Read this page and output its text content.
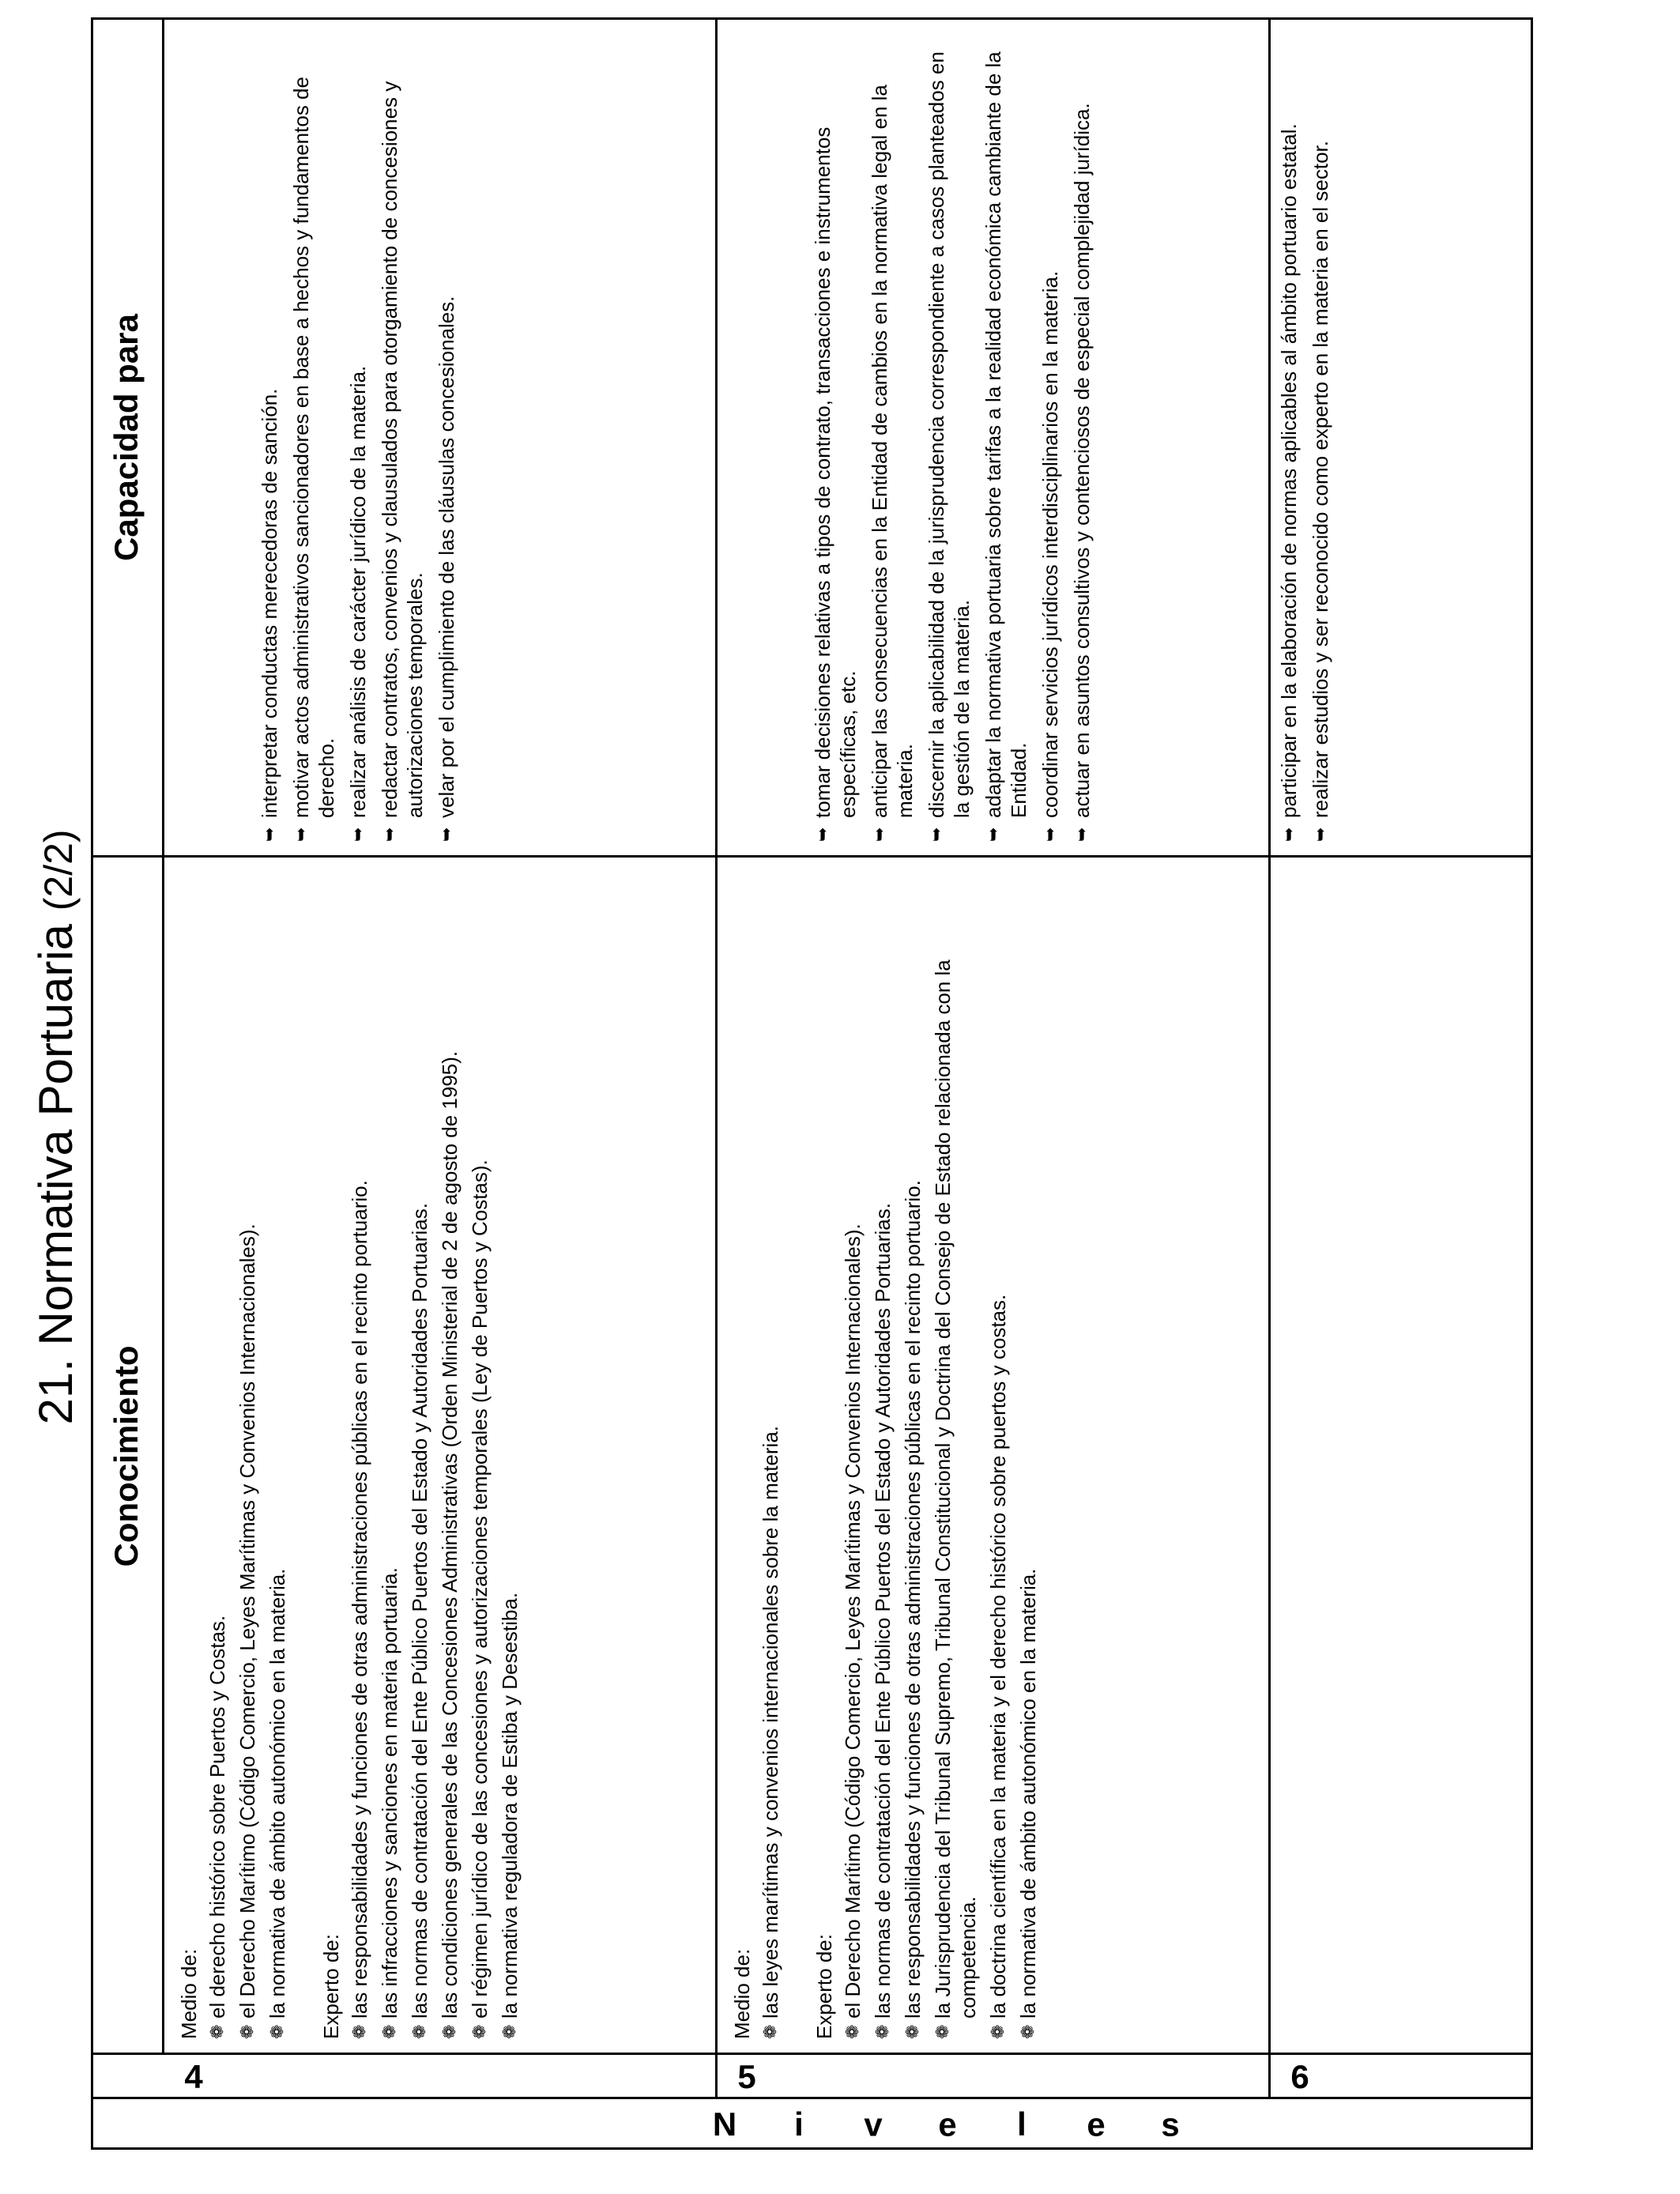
21. Normativa Portuaria (2/2)
Conocimiento
Capacidad para
N i v e l e s
4	5	6
Medio de: ❁
el derecho histórico sobre Puertos y Costas.
❁
el Derecho Marítimo (Código Comercio, Leyes Marítimas y Convenios Internacionales).
❁
la normativa de ámbito autonómico en la materia. Experto de: ❁
las responsabilidades y funciones de otras administraciones públicas en el recinto portuario.
❁
las infracciones y sanciones en materia portuaria.
❁
las normas de contratación del Ente Público Puertos del Estado y Autoridades Portuarias.
❁
las condiciones generales de las Concesiones Administrativas (Orden Ministerial de 2 de agosto de 1995).
❁
el régimen jurídico de las concesiones y autorizaciones temporales (Ley de Puertos y Costas).
❁
la normativa reguladora de Estiba y Desestiba.
➥
interpretar conductas merecedoras de sanción.
➥
motivar actos administrativos sancionadores en base a hechos y fundamentos de derecho.
➥
realizar análisis de carácter jurídico de la materia.
➥
redactar contratos, convenios y clausulados para otorgamiento de concesiones y autorizaciones temporales.
➥
velar por el cumplimiento de las cláusulas concesionales.
Medio de: ❁
las leyes marítimas y convenios internacionales sobre la materia. Experto de: ❁
el Derecho Marítimo (Código Comercio, Leyes Marítimas y Convenios Internacionales).
❁
las normas de contratación del Ente Público Puertos del Estado y Autoridades Portuarias.
❁
las responsabilidades y funciones de otras administraciones públicas en el recinto portuario.
❁
la Jurisprudencia del Tribunal Supremo, Tribunal Constitucional y Doctrina del Consejo de Estado relacionada con la competencia.
❁
la doctrina científica en la materia y el derecho histórico sobre puertos y costas.
❁
la normativa de ámbito autonómico en la materia.
➥
tomar decisiones relativas a tipos de contrato, transacciones e instrumentos específicas, etc.
➥
anticipar las consecuencias en la Entidad de cambios en la normativa legal en la materia.
➥
discernir la aplicabilidad de la jurisprudencia correspondiente a casos planteados en la gestión de la materia.
➥
adaptar la normativa portuaria sobre tarifas a la realidad económica cambiante de la Entidad.
➥
coordinar servicios jurídicos interdisciplinarios en la materia.
➥
actuar en asuntos consultivos y contenciosos de especial complejidad jurídica.
➥
participar en la elaboración de normas aplicables al ámbito portuario estatal.
➥
realizar estudios y ser reconocido como experto en la materia en el sector.
